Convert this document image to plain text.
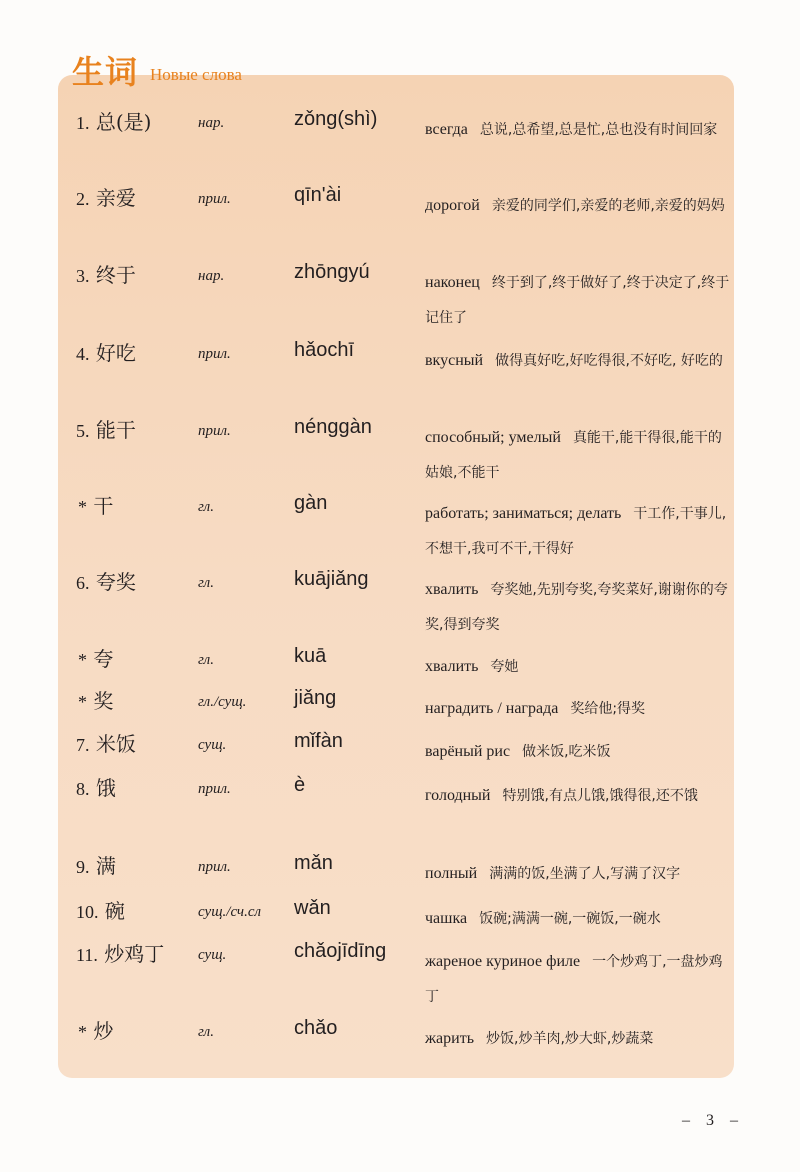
生词 Новые слова
1. 总(是)	нар.	zǒng(shì)	всегда 总说,总希望,总是忙,总也没有时间回家
2. 亲爱	прил.	qīn'ài	дорогой 亲爱的同学们,亲爱的老师,亲爱的妈妈
3. 终于	нар.	zhōngyú	наконец 终于到了,终于做好了,终于决定了,终于记住了
4. 好吃	прил.	hǎochī	вкусный 做得真好吃,好吃得很,不好吃, 好吃的
5. 能干	прил.	nénggàn	способный; умелый 真能干,能干得很,能干的姑娘,不能干
* 干	гл.	gàn	работать; заниматься; делать 干工作,干事儿,不想干,我可不干,干得好
6. 夸奖	гл.	kuājiǎng	хвалить 夸奖她,先别夸奖,夸奖菜好,谢谢你的夸奖,得到夸奖
* 夸	гл.	kuā	хвалить 夸她
* 奖	гл./сущ. jiǎng	наградить / награда 奖给他;得奖
7. 米饭	сущ.	mǐfàn	варёный рис 做米饭,吃米饭
8. 饿	прил.	è	голодный 特别饿,有点儿饿,饿得很,还不饿
9. 满	прил.	mǎn	полный 满满的饭,坐满了人,写满了汉字
10. 碗	сущ./сч.сл wǎn	чашка 饭碗;满满一碗,一碗饭,一碗水
11. 炒鸡丁 сущ.	chǎojīdīng жареное куриное филе 一个炒鸡丁,一盘炒鸡丁
* 炒	гл.	chǎo	жарить 炒饭,炒羊肉,炒大虾,炒蔬菜
– 3 –
